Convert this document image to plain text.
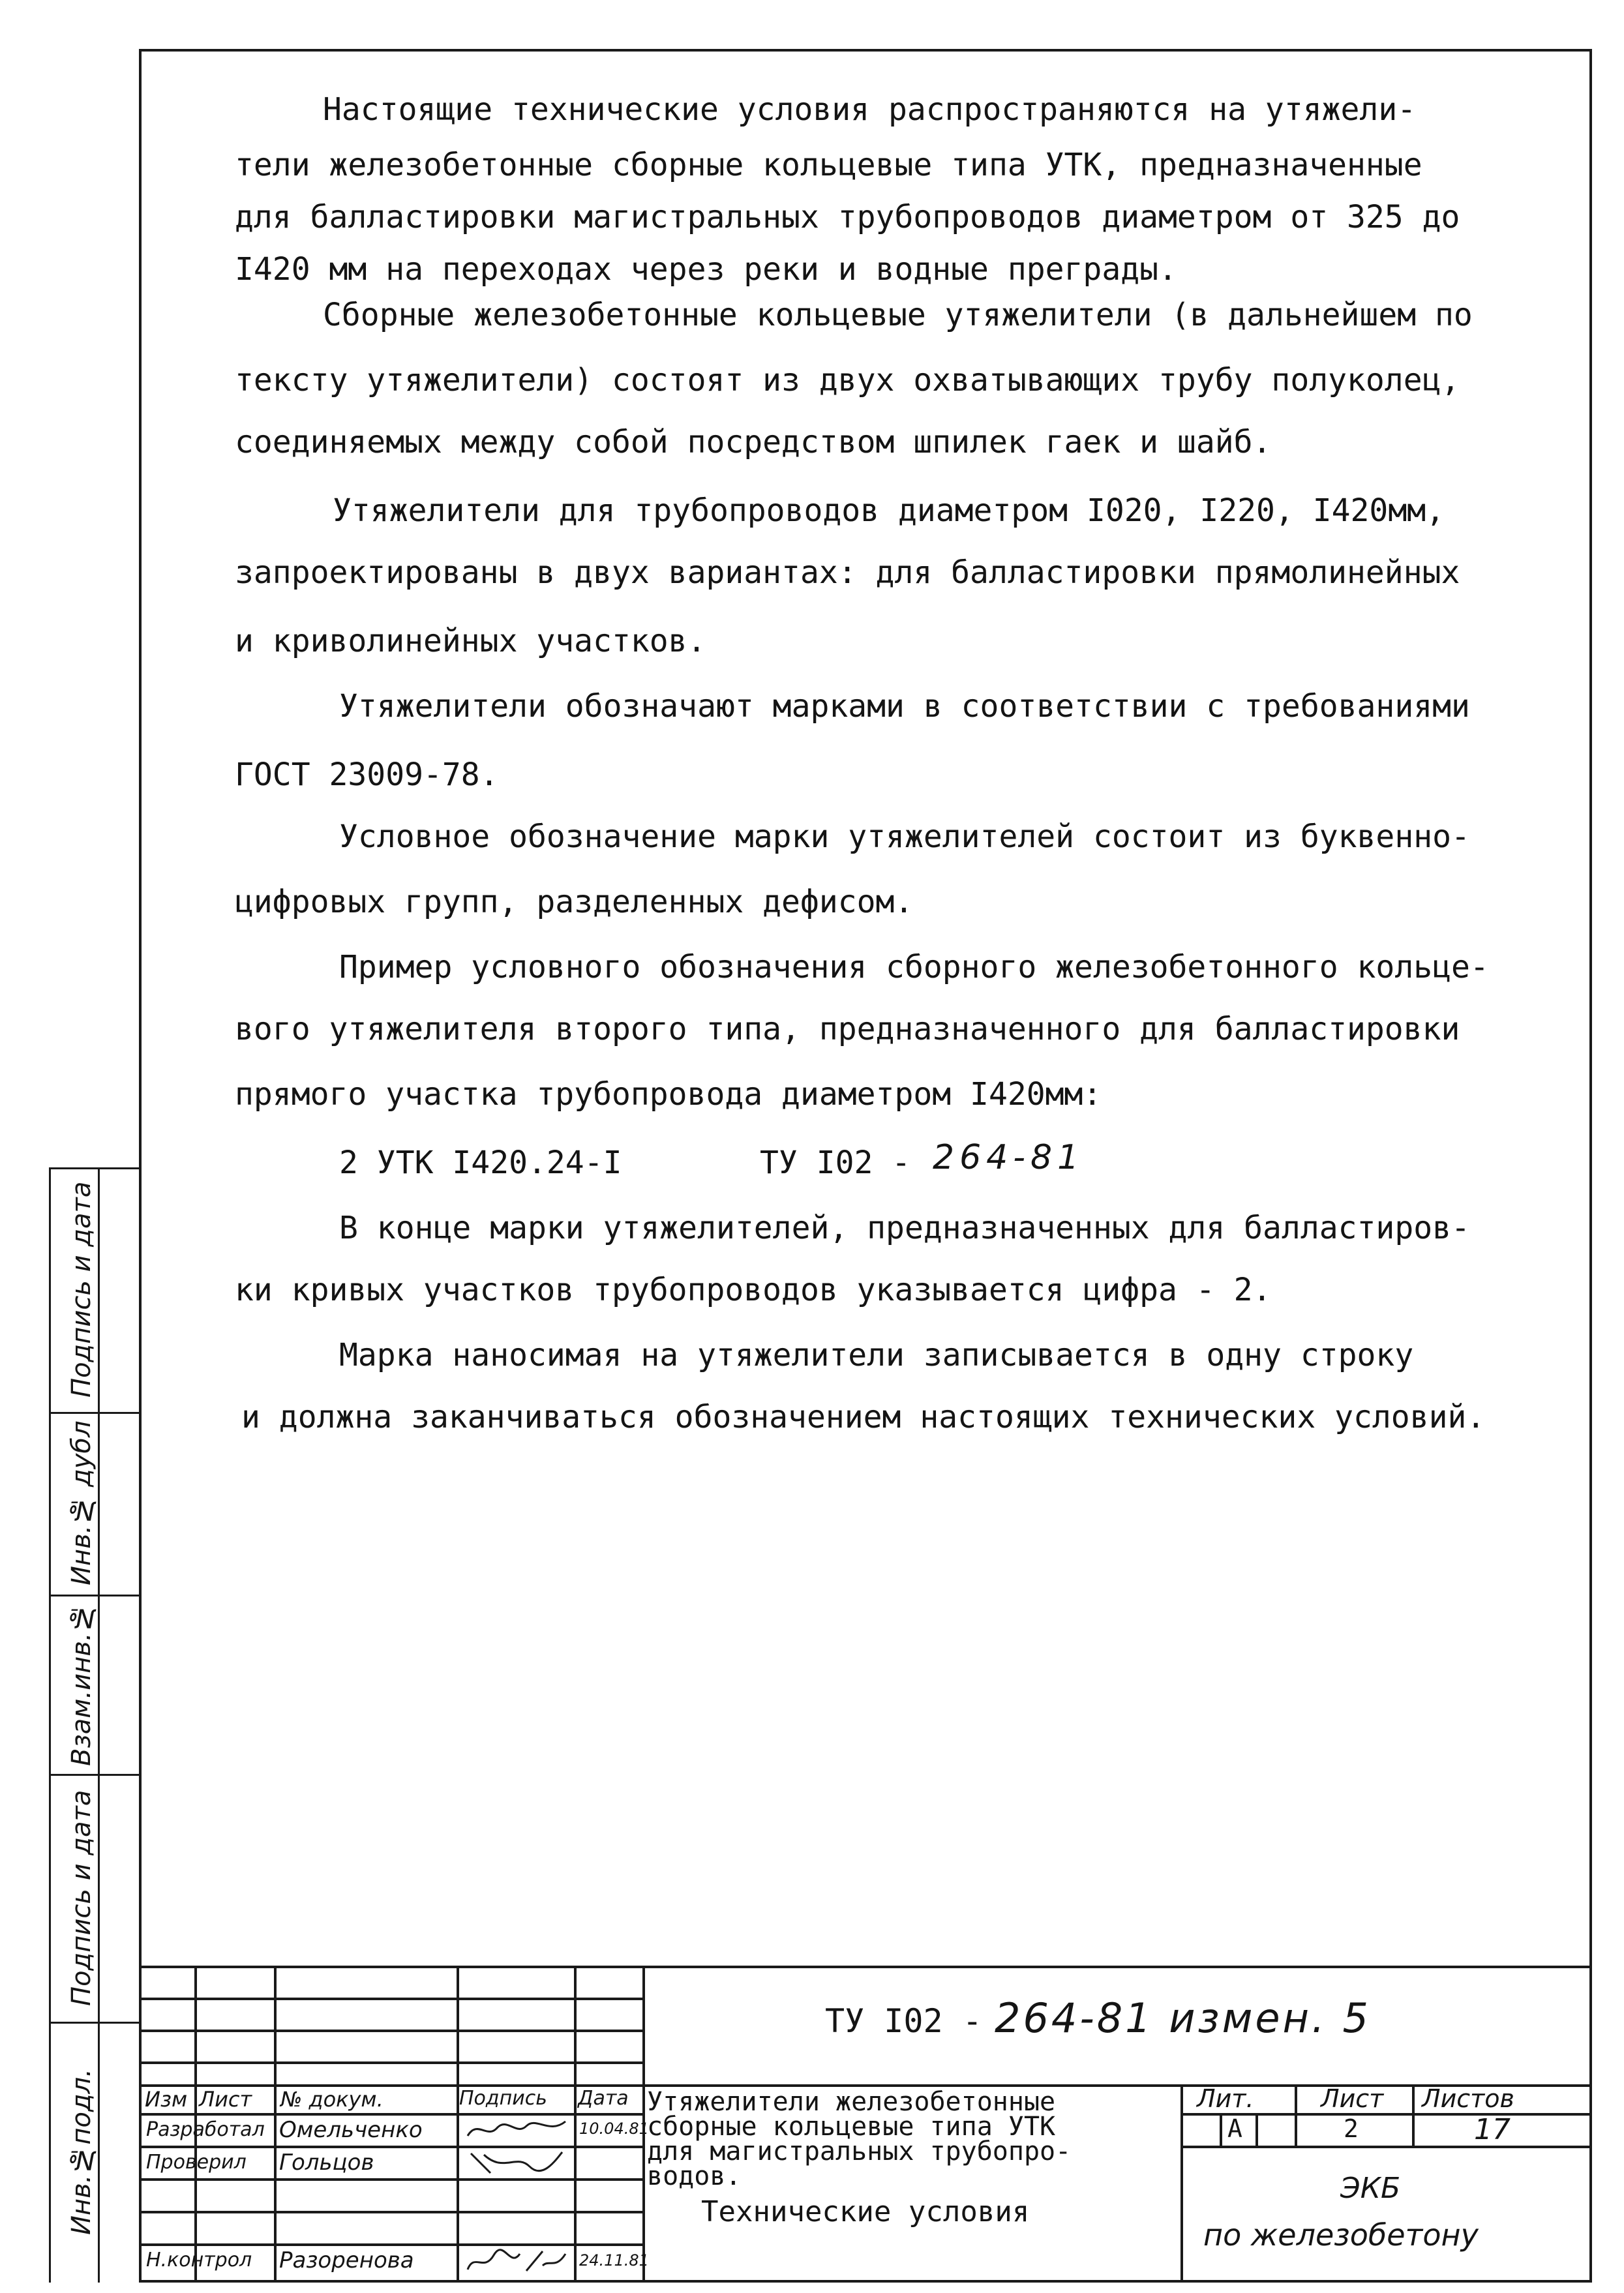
Настоящие технические условия распространяются на утяжели-
тели железобетонные сборные кольцевые типа УТК, предназначенные
для балластировки магистральных трубопроводов диаметром от 325 до
I420 мм на переходах через реки и водные преграды.
Сборные железобетонные кольцевые утяжелители (в дальнейшем по
тексту утяжелители) состоят из двух охватывающих трубу полуколец,
соединяемых между собой посредством шпилек гаек и шайб.
Утяжелители для трубопроводов диаметром I020, I220, I420мм,
запроектированы в двух вариантах: для балластировки прямолинейных
и криволинейных участков.
Утяжелители обозначают марками в соответствии с требованиями
ГОСТ 23009-78.
Условное обозначение марки утяжелителей состоит из буквенно-
цифровых групп, разделенных дефисом.
Пример условного обозначения сборного железобетонного кольце-
вого утяжелителя второго типа, предназначенного для балластировки
прямого участка трубопровода диаметром I420мм:
2 УТК I420.24-I	ТУ I02 - 264-81
В конце марки утяжелителей, предназначенных для балластиров-
ки кривых участков трубопроводов указывается цифра - 2.
Марка наносимая на утяжелители записывается в одну строку
и должна заканчиваться обозначением настоящих технических условий.
Подпись и дата
Инв.№ дубл
Взам.инв.№
Подпись и дата
Инв.№подл.
ТУ I02 - 264-81 измен. 5
Изм Лист № докум.	Подпись Дата
Разработал Омельченко	10.04.81
Проверил Гольцов
Н.контрол Разоренова	24.11.81
Утяжелители железобетонные
сборные кольцевые типа УТК
для магистральных трубопро-
водов.
Технические условия
Лит.	Лист Листов
А	2	17
ЭКБ
по железобетону
